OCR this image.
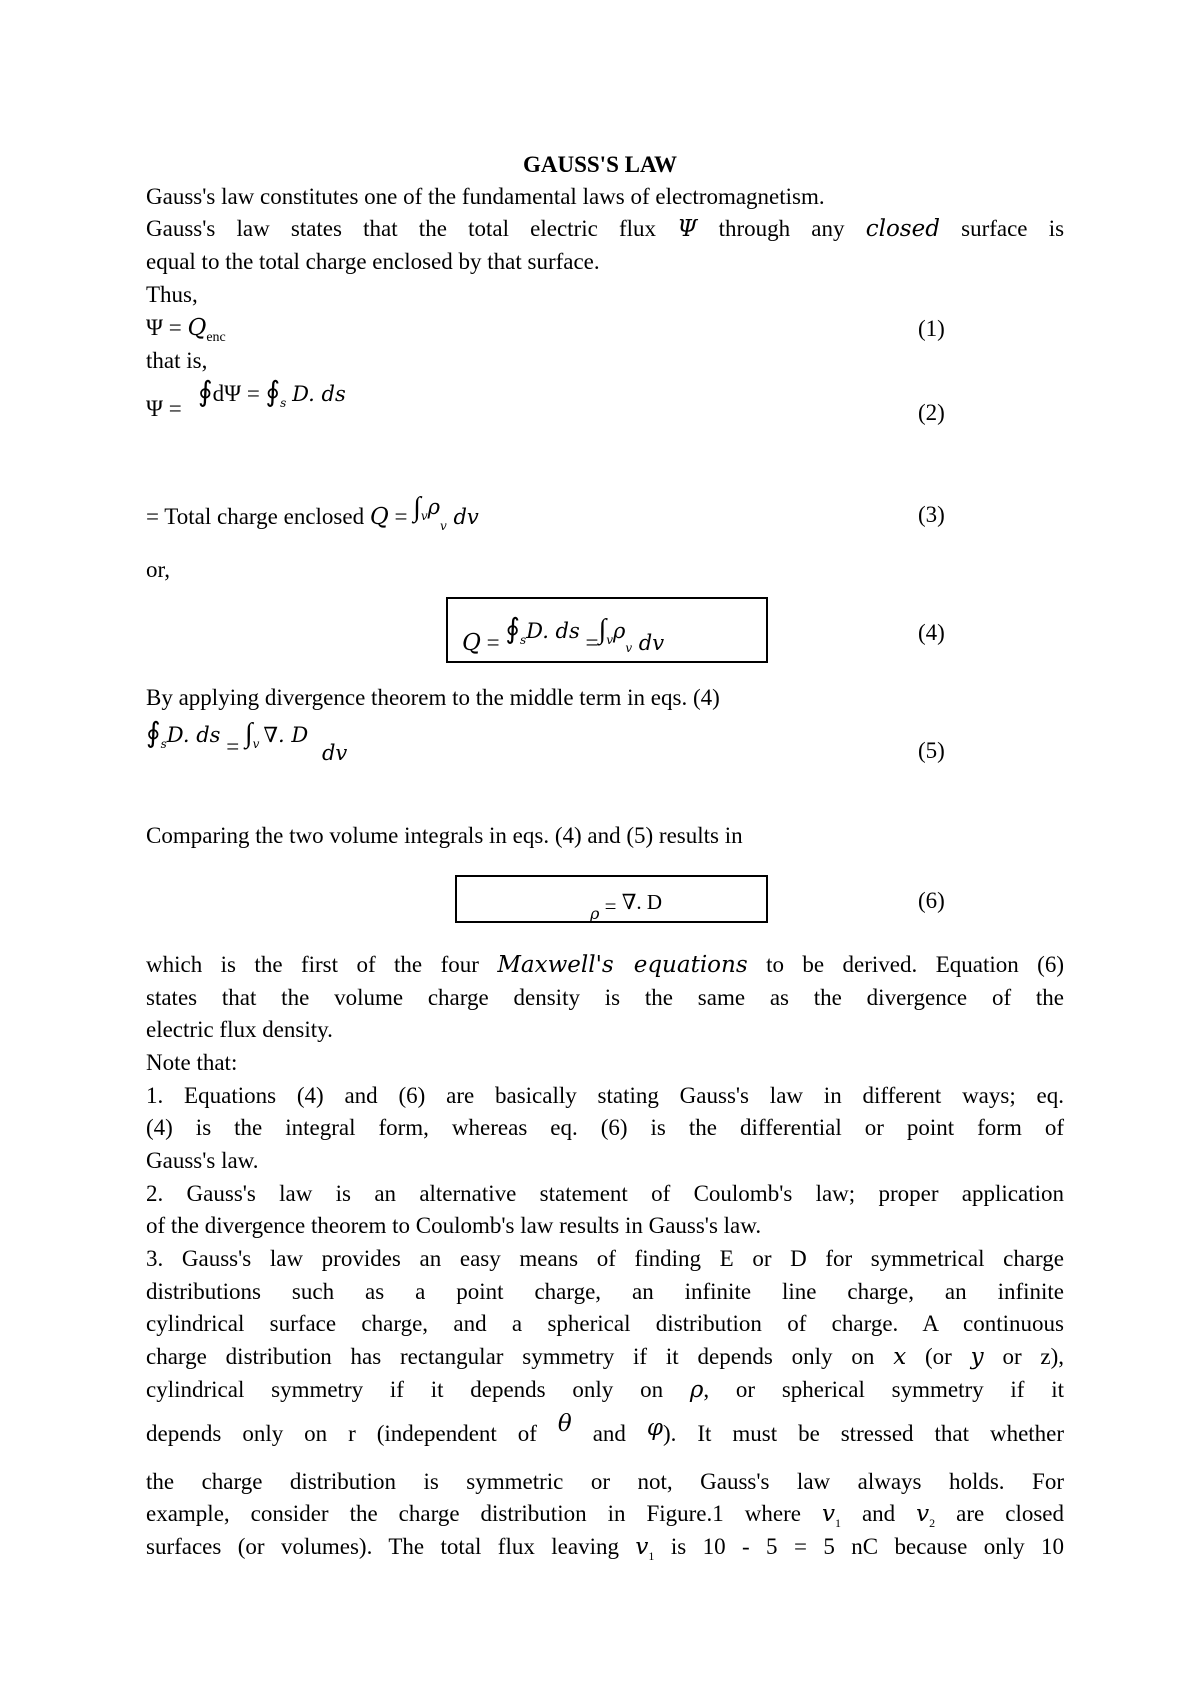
GAUSS'S LAW
Gauss's law constitutes one of the fundamental laws of electromagnetism.
Gauss's law states that the total electric flux Ψ through any closed surface is
equal to the total charge enclosed by that surface.
Thus,
$\Psi = Q_{enc}$	(1)
that is,
Ψ =
∮dΨ = $∮_s$ D. ds
(2)
= Total charge enclosed $Q = \int v\rho_v$ dv	(3)
or,
$Q = ∮_sD$. ds $=\int_v\rho_v$ dv	(4)
By applying divergence theorem to the middle term in eqs. (4)
$∮_sD$. ds = $\int_v$ ∇. D dv	(5)
Comparing the two volume integrals in eqs. (4) and (5) results in
$_\rho$ = ∇. D	(6)
which is the first of the four Maxwell's equations to be derived. Equation (6)
states that the volume charge density is the same as the divergence of the
electric flux density.
Note that:
1. Equations (4) and (6) are basically stating Gauss's law in different ways; eq.
(4) is the integral form, whereas eq. (6) is the differential or point form of
Gauss's law.
2. Gauss's law is an alternative statement of Coulomb's law; proper application
of the divergence theorem to Coulomb's law results in Gauss's law.
3. Gauss's law provides an easy means of finding E or D for symmetrical charge
distributions such as a point charge, an infinite line charge, an infinite
cylindrical surface charge, and a spherical distribution of charge. A continuous
charge distribution has rectangular symmetry if it depends only on x (or y or z),
cylindrical symmetry if it depends only on ρ, or spherical symmetry if it
depends only on r (independent of θ and φ). It must be stressed that whether
the charge distribution is symmetric or not, Gauss's law always holds. For
example, consider the charge distribution in Figure.1 where $v_1$ and $v_2$ are closed
surfaces (or volumes). The total flux leaving $v_1$ is 10 - 5 = 5 nC because only 10
